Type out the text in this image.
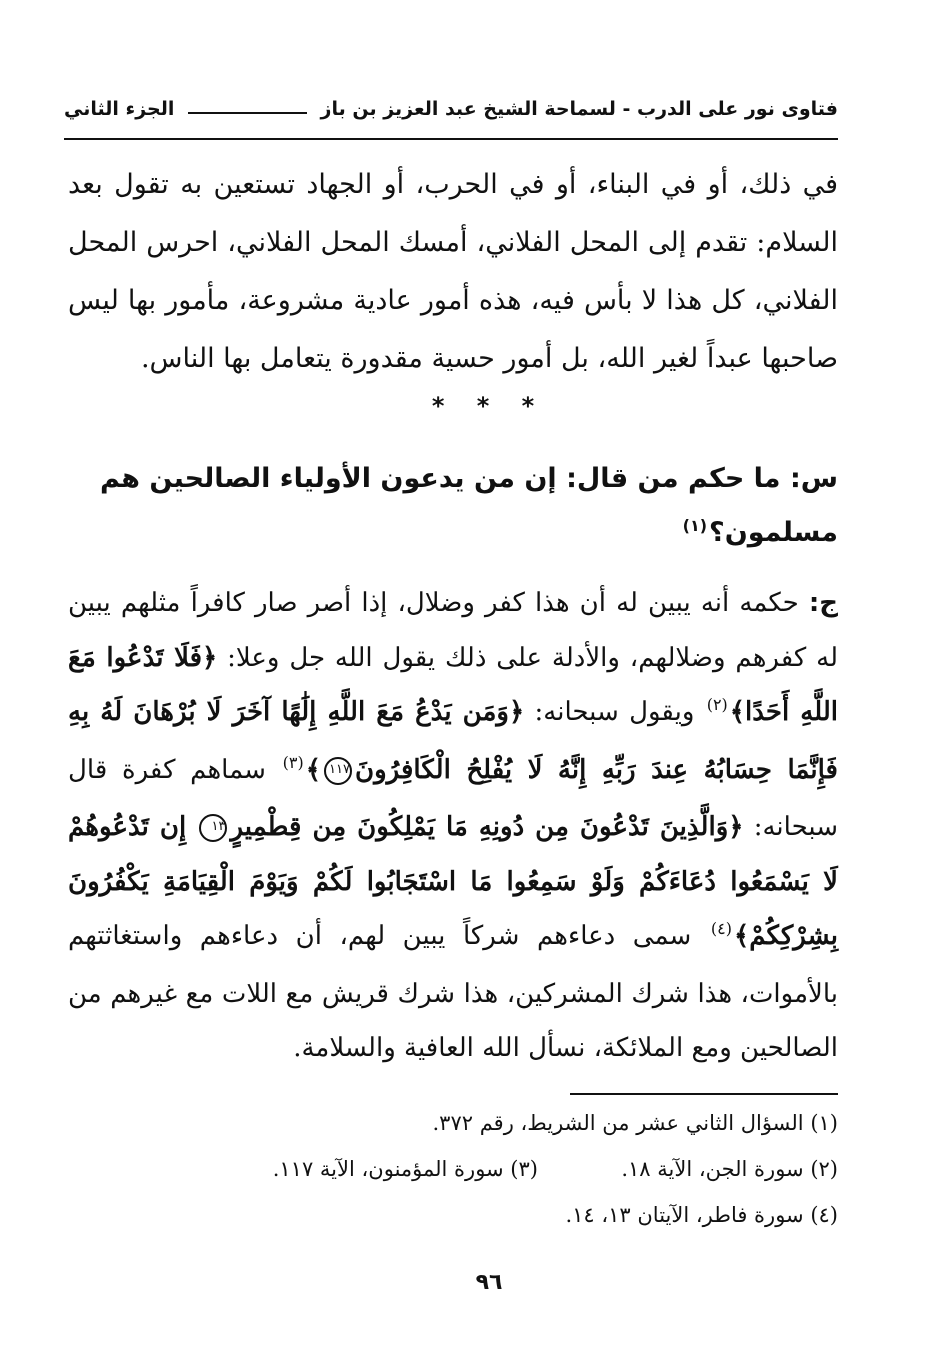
فتاوى نور على الدرب - لسماحة الشيخ عبد العزيز بن باز
الجزء الثاني
في ذلك، أو في البناء، أو في الحرب، أو الجهاد تستعين به تقول بعد السلام: تقدم إلى المحل الفلاني، أمسك المحل الفلاني، احرس المحل الفلاني، كل هذا لا بأس فيه، هذه أمور عادية مشروعة، مأمور بها ليس صاحبها عبداً لغير الله، بل أمور حسية مقدورة يتعامل بها الناس.
* * *
س: ما حكم من قال: إن من يدعون الأولياء الصالحين هم مسلمون؟$^{(١)}$
ج: حكمه أنه يبين له أن هذا كفر وضلال، إذا أصر صار كافراً مثلهم يبين له كفرهم وضلالهم، والأدلة على ذلك يقول الله جل وعلا: ﴿فَلَا تَدْعُوا مَعَ اللَّهِ أَحَدًا﴾$^{(٢)}$ ويقول سبحانه: ﴿وَمَن يَدْعُ مَعَ اللَّهِ إِلَٰهًا آخَرَ لَا بُرْهَانَ لَهُ بِهِ فَإِنَّمَا حِسَابُهُ عِندَ رَبِّهِ إِنَّهُ لَا يُفْلِحُ الْكَافِرُونَ١١٧﴾$^{(٣)}$ سماهم كفرة قال سبحانه: ﴿وَالَّذِينَ تَدْعُونَ مِن دُونِهِ مَا يَمْلِكُونَ مِن قِطْمِيرٍ١٣ إِن تَدْعُوهُمْ لَا يَسْمَعُوا دُعَاءَكُمْ وَلَوْ سَمِعُوا مَا اسْتَجَابُوا لَكُمْ وَيَوْمَ الْقِيَامَةِ يَكْفُرُونَ بِشِرْكِكُمْ﴾$^{(٤)}$ سمى دعاءهم شركاً يبين لهم، أن دعاءهم واستغاثتهم بالأموات، هذا شرك المشركين، هذا شرك قريش مع اللات مع غيرهم من الصالحين ومع الملائكة، نسأل الله العافية والسلامة.
(١) السؤال الثاني عشر من الشريط، رقم ٣٧٢.
(٢) سورة الجن، الآية ١٨.
(٣) سورة المؤمنون، الآية ١١٧.
(٤) سورة فاطر، الآيتان ١٣، ١٤.
٩٦
